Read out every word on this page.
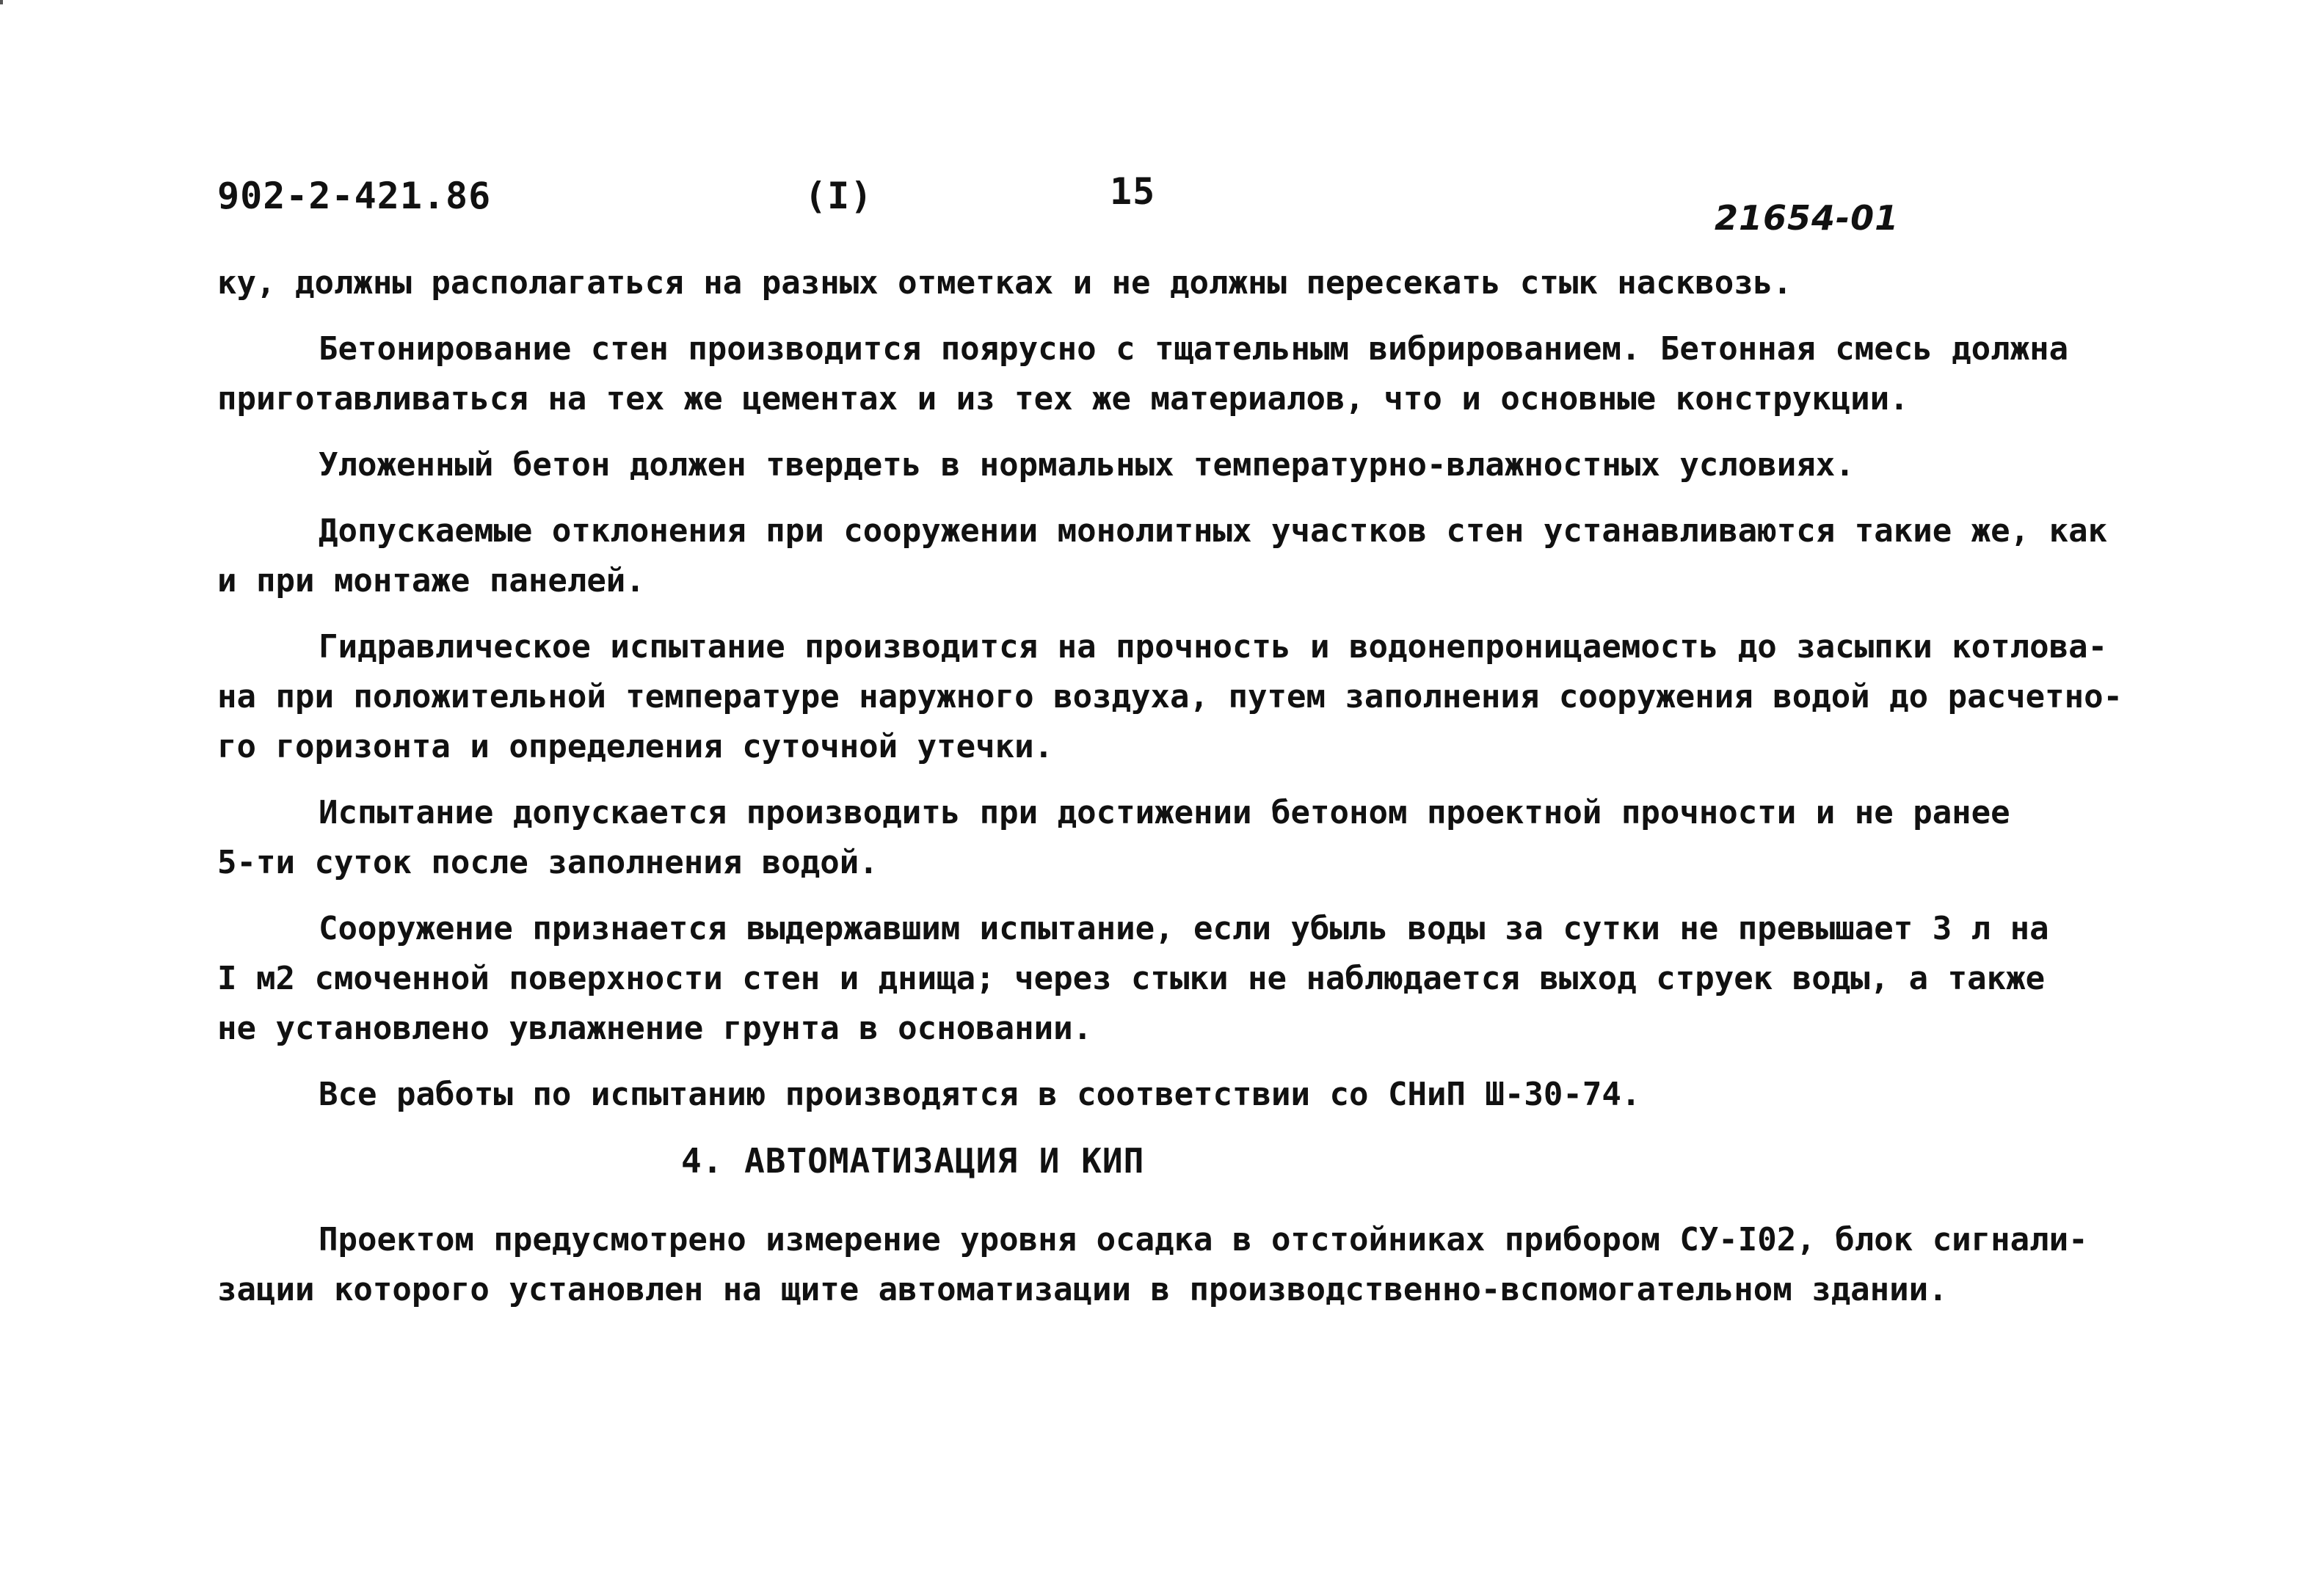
902-2-421.86	(I)	15
21654-01

ку, должны располагаться на разных отметках и не должны пересекать стык насквозь.

Бетонирование стен производится поярусно с тщательным вибрированием. Бетонная смесь должна
приготавливаться на тех же цементах и из тех же материалов, что и основные конструкции.

Уложенный бетон должен твердеть в нормальных температурно-влажностных условиях.

Допускаемые отклонения при сооружении монолитных участков стен устанавливаются такие же, как
и при монтаже панелей.

Гидравлическое испытание производится на прочность и водонепроницаемость до засыпки котлова-
на при положительной температуре наружного воздуха, путем заполнения сооружения водой до расчетно-
го горизонта и определения суточной утечки.

Испытание допускается производить при достижении бетоном проектной прочности и не ранее
5-ти суток после заполнения водой.

Сооружение признается выдержавшим испытание, если убыль воды за сутки не превышает 3 л на
I м2 смоченной поверхности стен и днища; через стыки не наблюдается выход струек воды, а также
не установлено увлажнение грунта в основании.

Все работы по испытанию производятся в соответствии со СНиП Ш-30-74.

4. АВТОМАТИЗАЦИЯ И КИП

Проектом предусмотрено измерение уровня осадка в отстойниках прибором СУ-I02, блок сигнали-
зации которого установлен на щите автоматизации в производственно-вспомогательном здании.
